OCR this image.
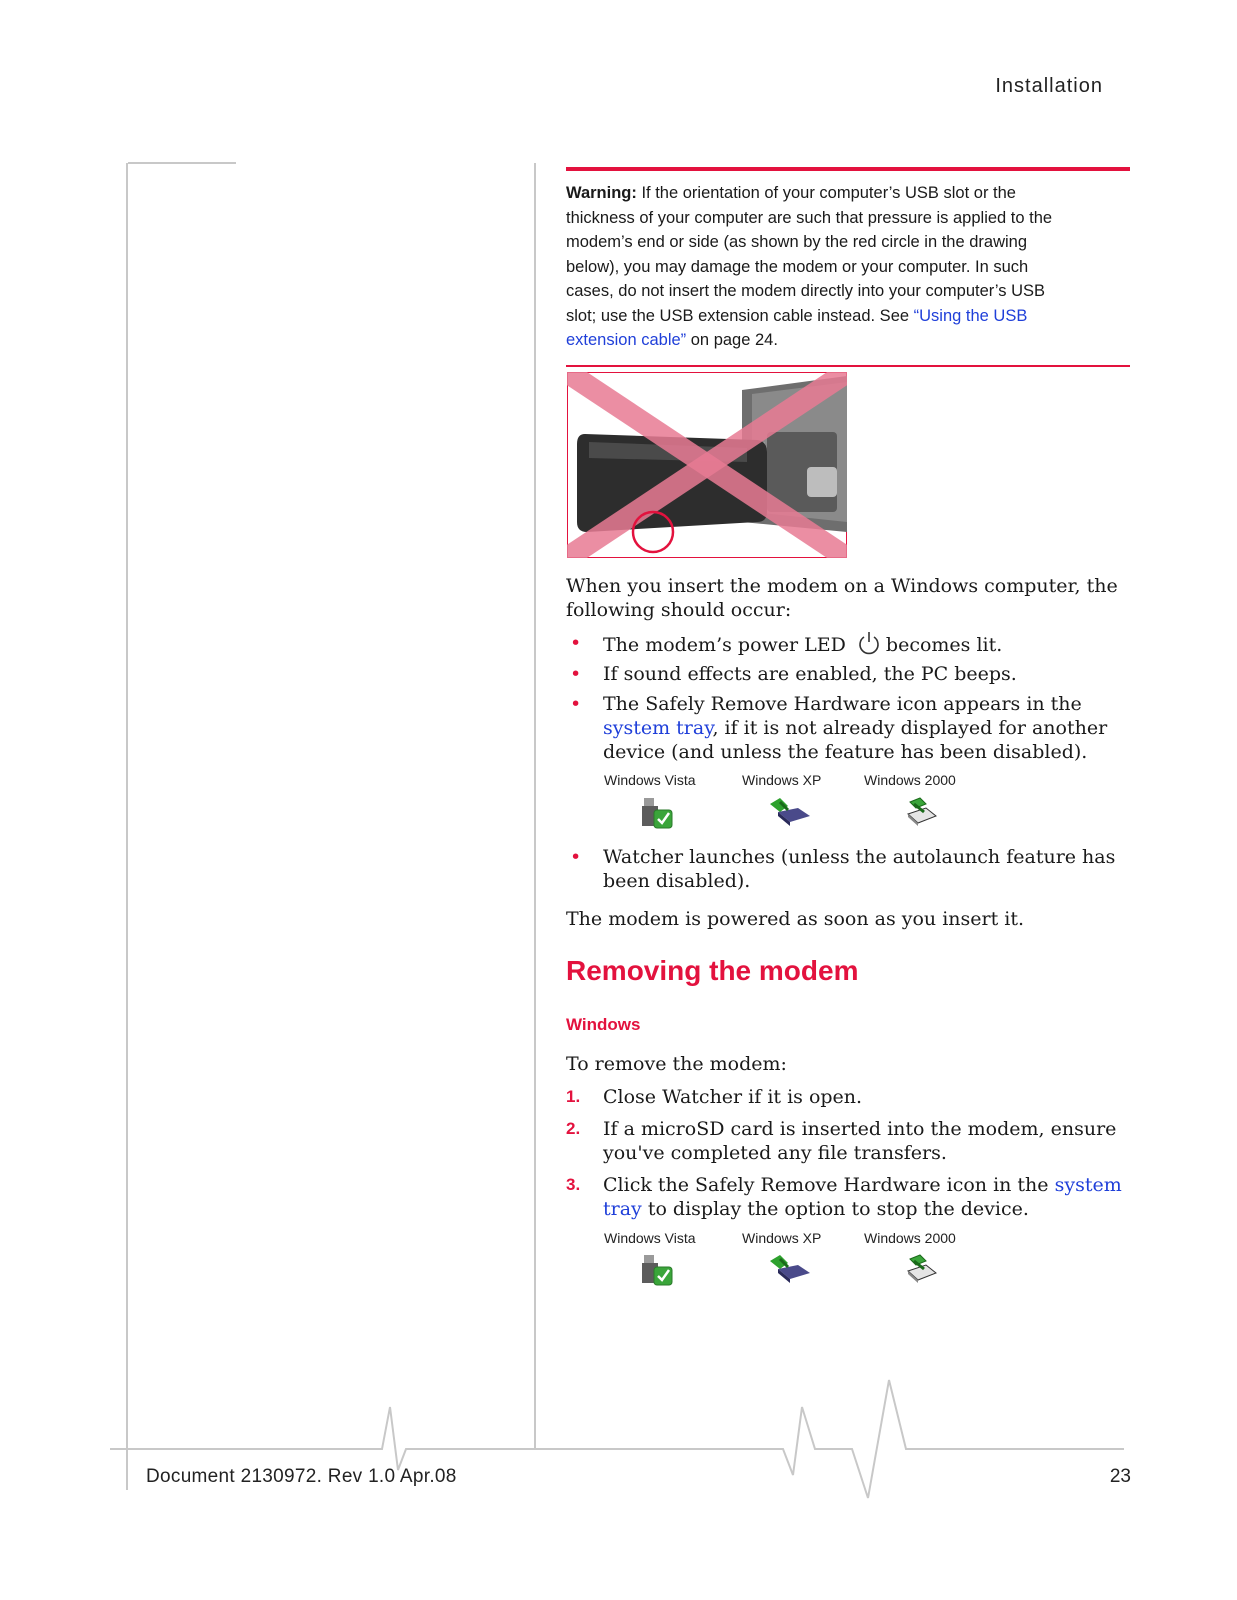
Installation

Warning: If the orientation of your computer’s USB slot or the

thickness of your computer are such that pressure is applied to the

modem’s end or side (as shown by the red circle in the drawing

below), you may damage the modem or your computer. In such

cases, do not insert the modem directly into your computer’s USB

slot; use the USB extension cable instead. See “Using the USB

extension cable” on page 24.

When you insert the modem on a Windows computer, the following should occur:

• The modem’s power LED becomes lit.
• If sound effects are enabled, the PC beeps.
• The Safely Remove Hardware icon appears in the system tray, if it is not already displayed for another device (and unless the feature has been disabled).
Windows Vista	Windows XP	Windows 2000
• Watcher launches (unless the autolaunch feature has been disabled).

The modem is powered as soon as you insert it.

Removing the modem
Windows

To remove the modem:

1. Close Watcher if it is open.
2. If a microSD card is inserted into the modem, ensure you've completed any file transfers.
3. Click the Safely Remove Hardware icon in the system tray to display the option to stop the device.
Windows Vista	Windows XP	Windows 2000
Document 2130972. Rev 1.0 Apr.08	23
